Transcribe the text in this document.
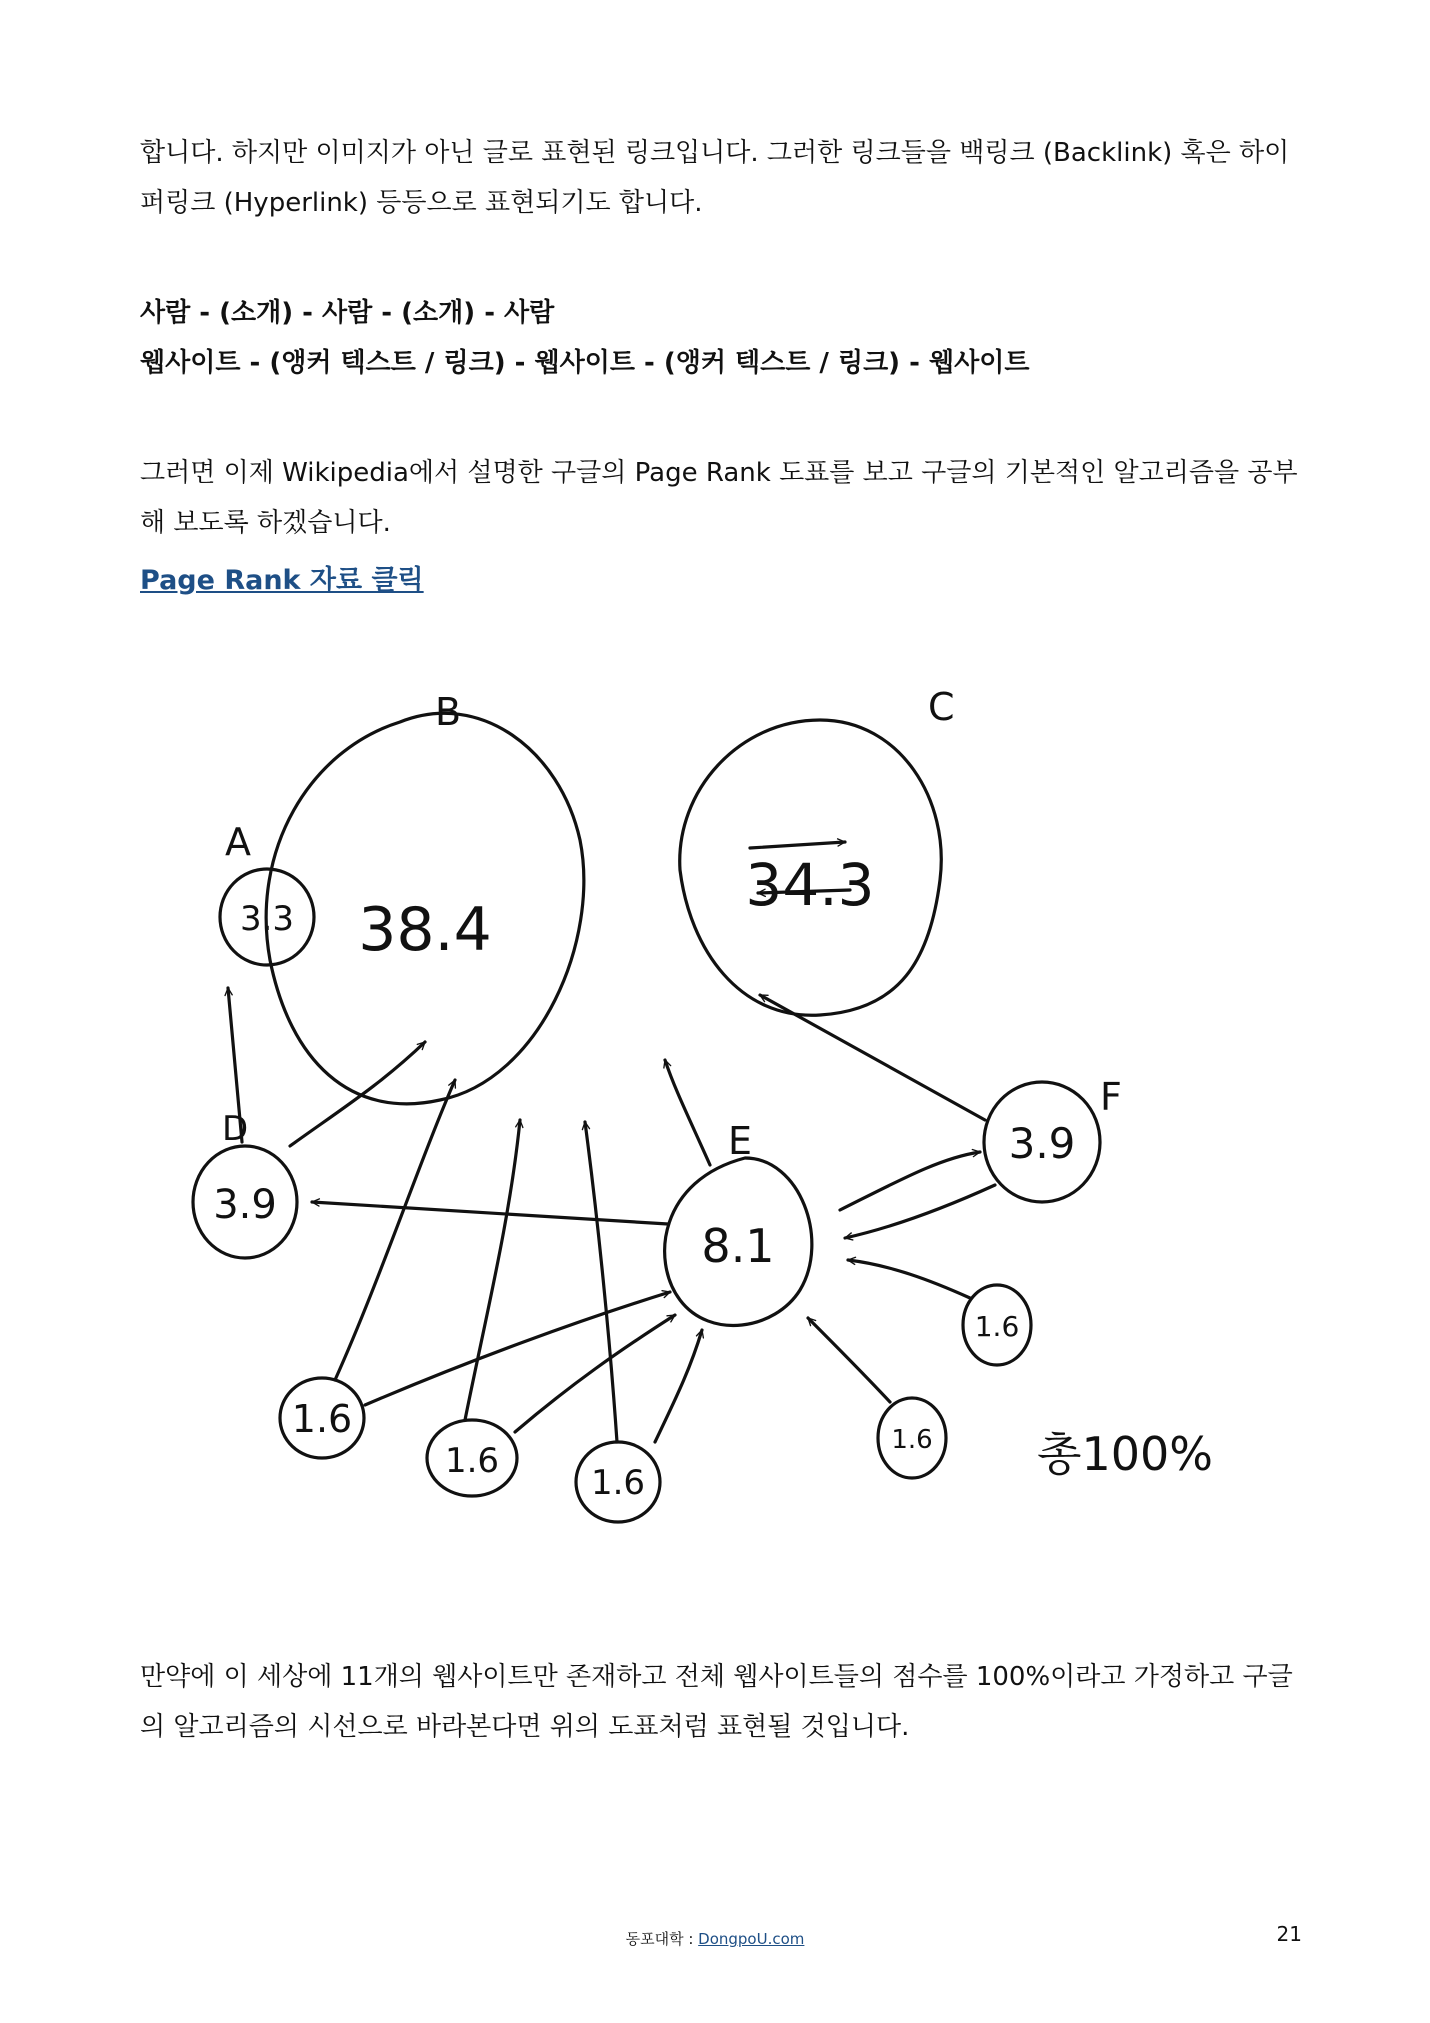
합니다. 하지만 이미지가 아닌 글로 표현된 링크입니다. 그러한 링크들을 백링크 (Backlink) 혹은 하이
퍼링크 (Hyperlink) 등등으로 표현되기도 합니다.

사람 - (소개) - 사람 - (소개) - 사람
웹사이트 - (앵커 텍스트 / 링크) - 웹사이트 - (앵커 텍스트 / 링크) - 웹사이트

그러면 이제 Wikipedia에서 설명한 구글의 Page Rank 도표를 보고 구글의 기본적인 알고리즘을 공부
해 보도록 하겠습니다.

Page Rank 자료 클릭
A
B	C
D	E
F
3.3 38.4
34.3
3.9
8.1
3.9
1.6
1.6
1.6
1.6
1.6
총100%

만약에 이 세상에 11개의 웹사이트만 존재하고 전체 웹사이트들의 점수를 100%이라고 가정하고 구글
의 알고리즘의 시선으로 바라본다면 위의 도표처럼 표현될 것입니다.

동포대학 : DongpoU.com	21
